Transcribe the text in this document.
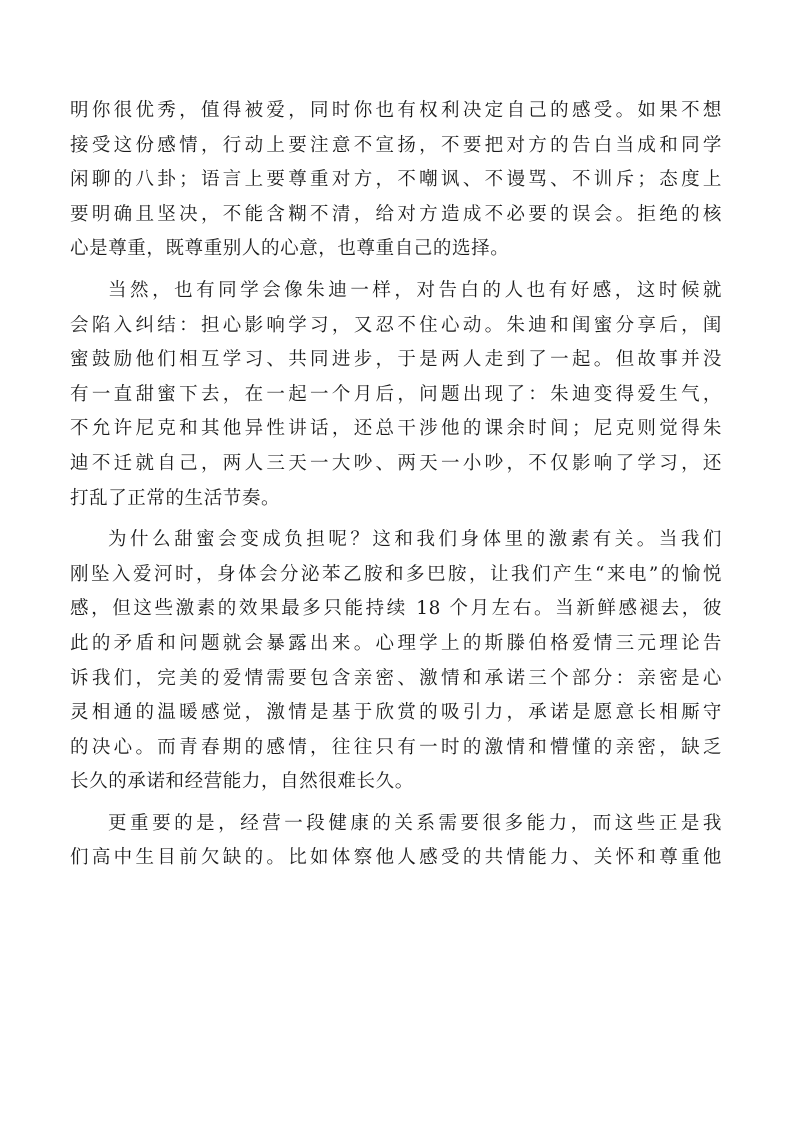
明你很优秀，值得被爱，同时你也有权利决定自己的感受。如果不想
接受这份感情，行动上要注意不宣扬，不要把对方的告白当成和同学
闲聊的八卦；语言上要尊重对方，不嘲讽、不谩骂、不训斥；态度上
要明确且坚决，不能含糊不清，给对方造成不必要的误会。拒绝的核
心是尊重，既尊重别人的心意，也尊重自己的选择。
当然，也有同学会像朱迪一样，对告白的人也有好感，这时候就
会陷入纠结：担心影响学习，又忍不住心动。朱迪和闺蜜分享后，闺
蜜鼓励他们相互学习、共同进步，于是两人走到了一起。但故事并没
有一直甜蜜下去，在一起一个月后，问题出现了：朱迪变得爱生气，
不允许尼克和其他异性讲话，还总干涉他的课余时间；尼克则觉得朱
迪不迁就自己，两人三天一大吵、两天一小吵，不仅影响了学习，还
打乱了正常的生活节奏。
为什么甜蜜会变成负担呢？这和我们身体里的激素有关。当我们
刚坠入爱河时，身体会分泌苯乙胺和多巴胺，让我们产生“来电”的愉悦
感，但这些激素的效果最多只能持续 18 个月左右。当新鲜感褪去，彼
此的矛盾和问题就会暴露出来。心理学上的斯滕伯格爱情三元理论告
诉我们，完美的爱情需要包含亲密、激情和承诺三个部分：亲密是心
灵相通的温暖感觉，激情是基于欣赏的吸引力，承诺是愿意长相厮守
的决心。而青春期的感情，往往只有一时的激情和懵懂的亲密，缺乏
长久的承诺和经营能力，自然很难长久。
更重要的是，经营一段健康的关系需要很多能力，而这些正是我
们高中生目前欠缺的。比如体察他人感受的共情能力、关怀和尊重他
